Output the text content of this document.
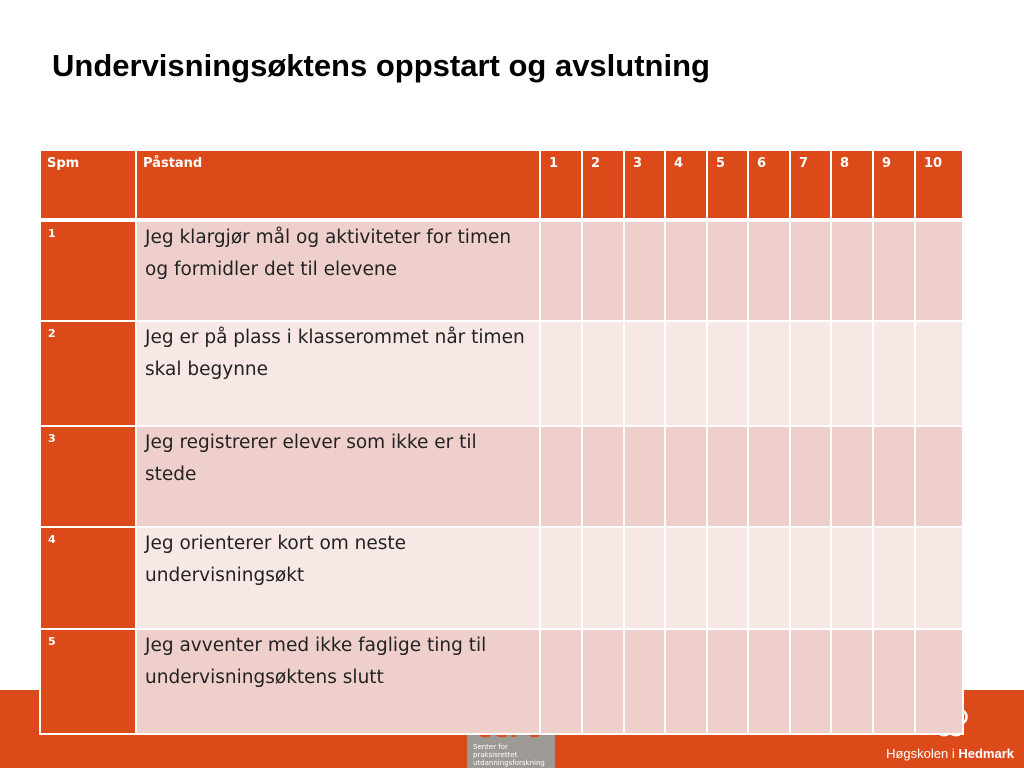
Undervisningsøktens oppstart og avslutning
Spm	Påstand	1	2	3	4	5	6	7	8	9	10
1	Jeg klargjør mål og aktiviteter for timen og formidler det til elevene										
2	Jeg er på plass i klasserommet når timen skal begynne										
3	Jeg registrerer elever som ikke er til stede										
4	Jeg orienterer kort om neste undervisningsøkt										
5	Jeg avventer med ikke faglige ting til undervisningsøktens slutt										
Senter for praksisrettet
utdanningsforskning
Høgskolen i Hedmark
